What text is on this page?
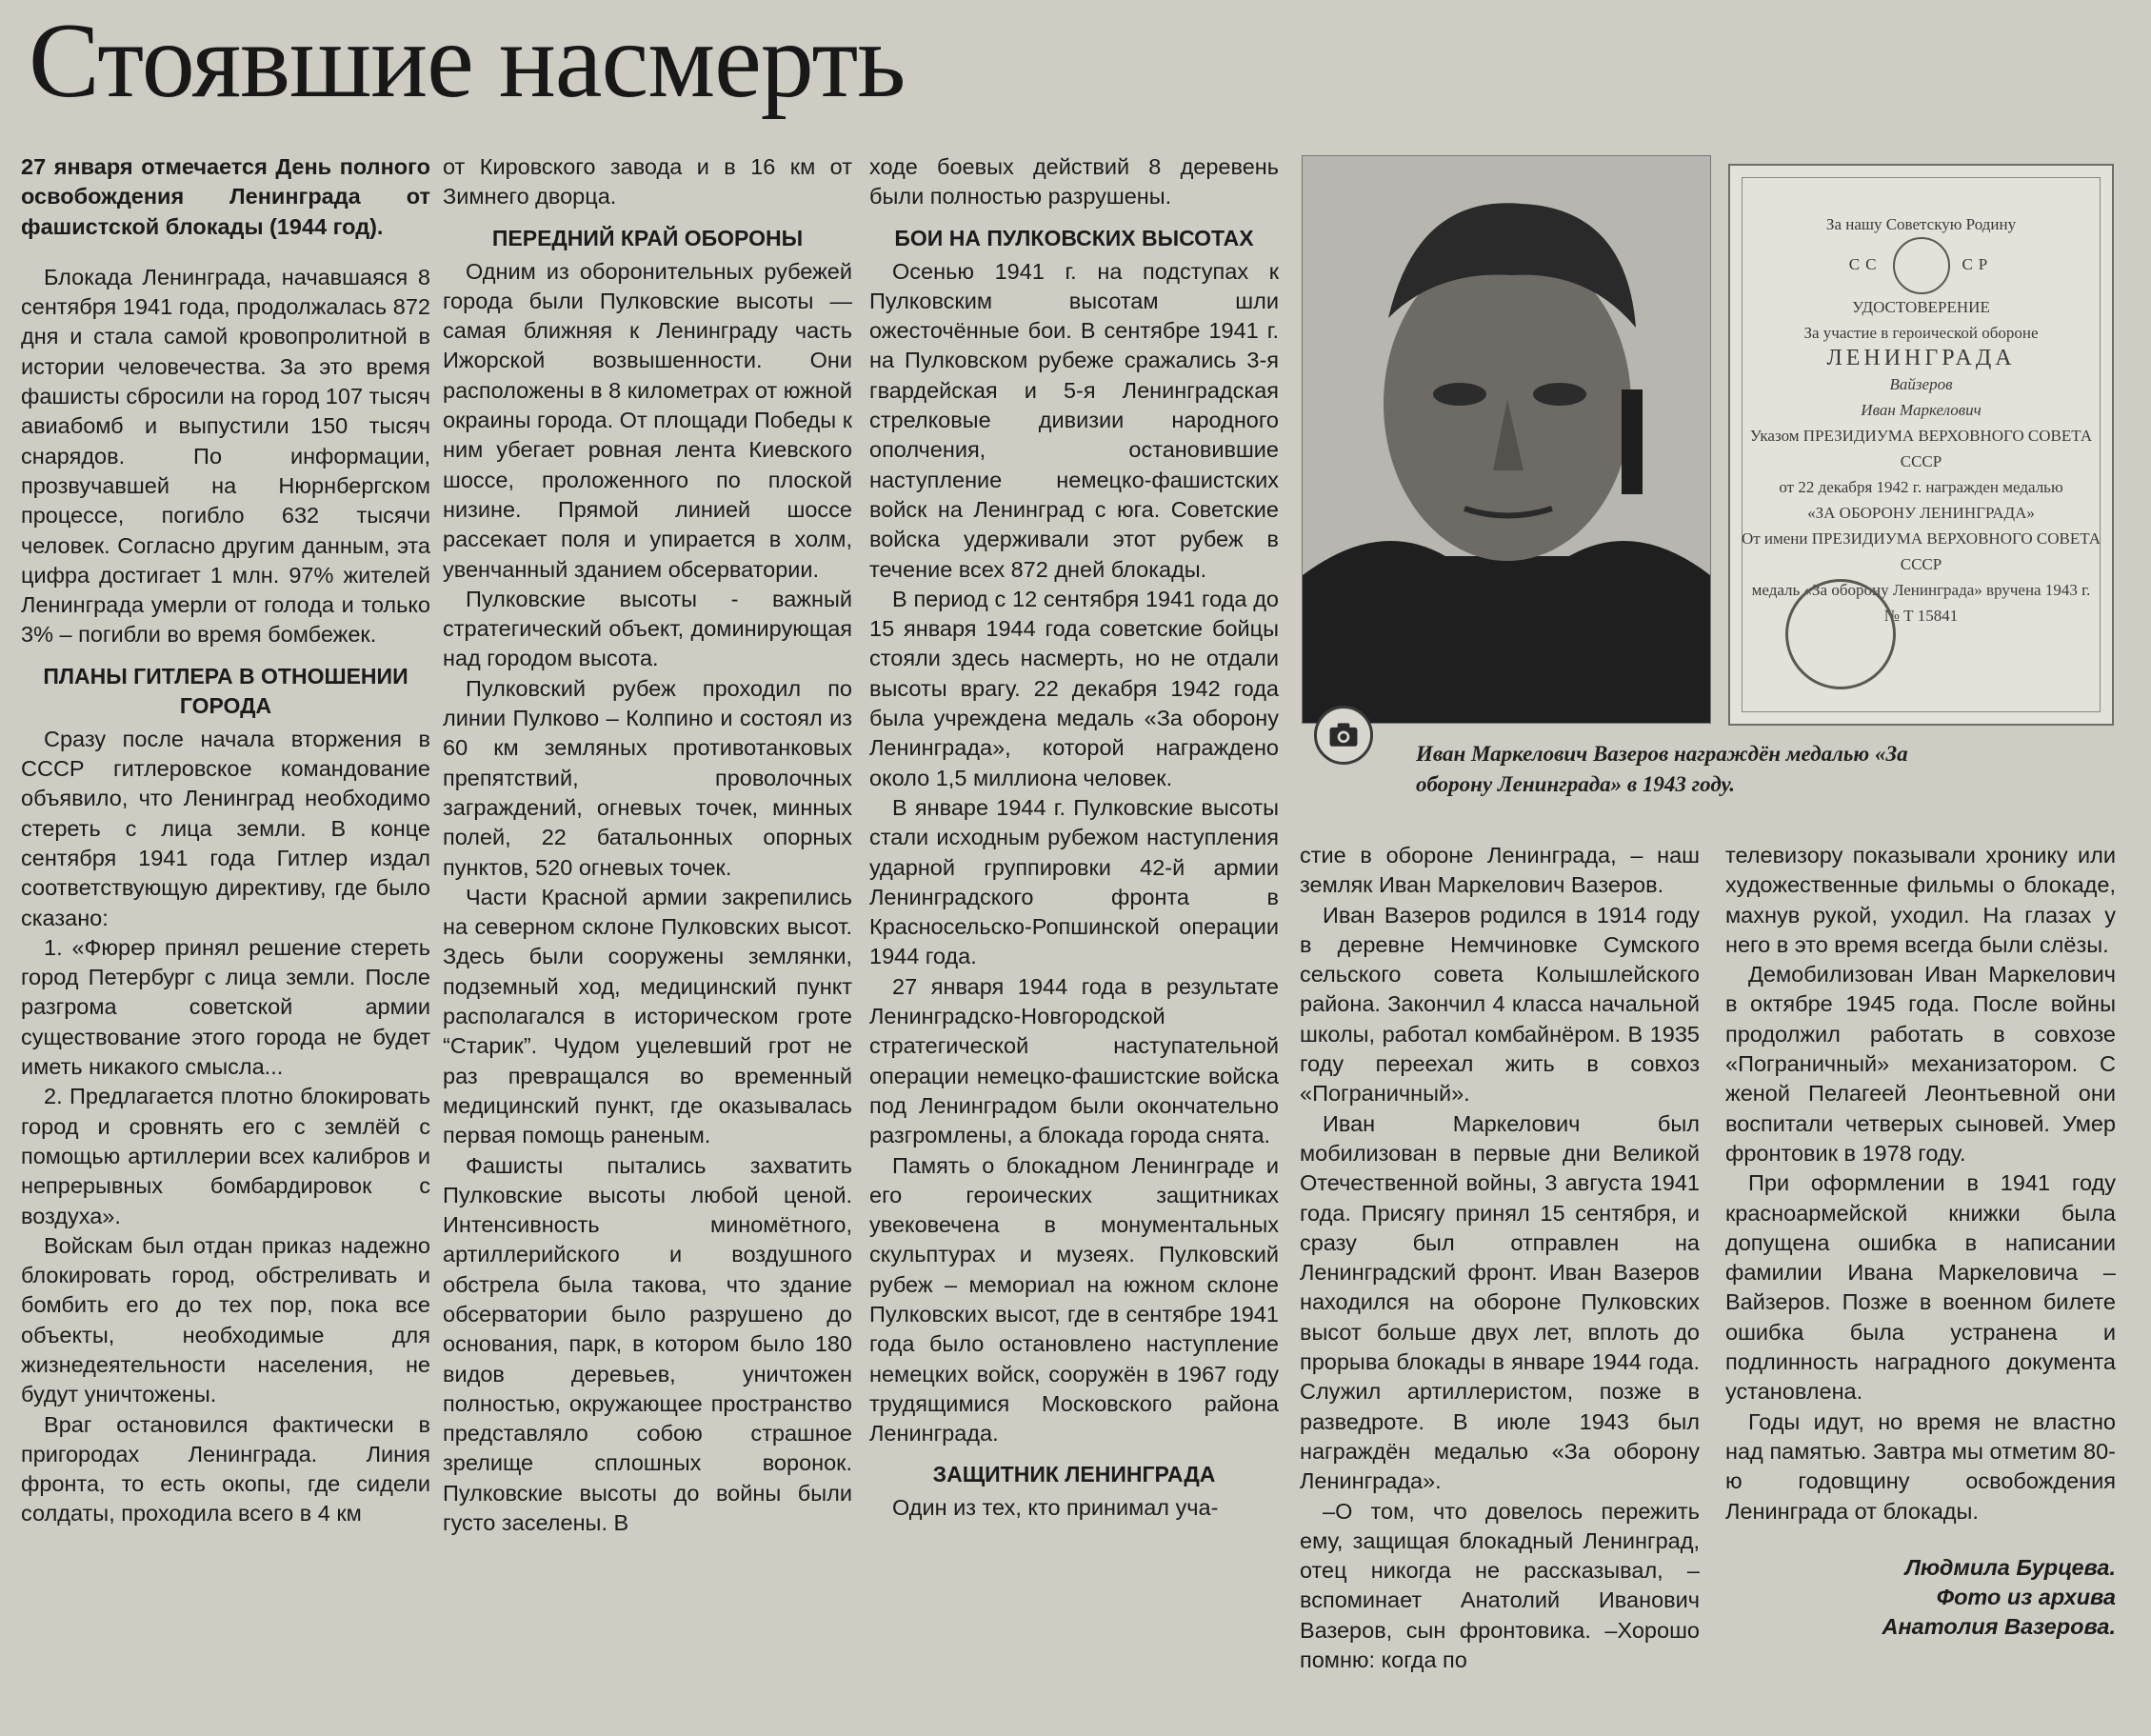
Стоявшие насмерть

27 января отмечается День полного освобождения Ленинграда от фашистской блокады (1944 год).

Блокада Ленинграда, начавшаяся 8 сентября 1941 года, продолжалась 872 дня и стала самой кровопролитной в истории человечества. За это время фашисты сбросили на город 107 тысяч авиабомб и выпустили 150 тысяч снарядов. По информации, прозвучавшей на Нюрнбергском процессе, погибло 632 тысячи человек. Согласно другим данным, эта цифра достигает 1 млн. 97% жителей Ленинграда умерли от голода и только 3% – погибли во время бомбежек.

ПЛАНЫ ГИТЛЕРА В ОТНОШЕНИИ ГОРОДА

Сразу после начала вторжения в СССР гитлеровское командование объявило, что Ленинград необходимо стереть с лица земли. В конце сентября 1941 года Гитлер издал соответствующую директиву, где было сказано:

1. «Фюрер принял решение стереть город Петербург с лица земли. После разгрома советской армии существование этого города не будет иметь никакого смысла...

2. Предлагается плотно блокировать город и сровнять его с землёй с помощью артиллерии всех калибров и непрерывных бомбардировок с воздуха».

Войскам был отдан приказ надежно блокировать город, обстреливать и бомбить его до тех пор, пока все объекты, необходимые для жизнедеятельности населения, не будут уничтожены.

Враг остановился фактически в пригородах Ленинграда. Линия фронта, то есть окопы, где сидели солдаты, проходила всего в 4 км

от Кировского завода и в 16 км от Зимнего дворца.

ПЕРЕДНИЙ КРАЙ ОБОРОНЫ

Одним из оборонительных рубежей города были Пулковские высоты — самая ближняя к Ленинграду часть Ижорской возвышенности. Они расположены в 8 километрах от южной окраины города. От площади Победы к ним убегает ровная лента Киевского шоссе, проложенного по плоской низине. Прямой линией шоссе рассекает поля и упирается в холм, увенчанный зданием обсерватории.

Пулковские высоты - важный стратегический объект, доминирующая над городом высота.

Пулковский рубеж проходил по линии Пулково – Колпино и состоял из 60 км земляных противотанковых препятствий, проволочных заграждений, огневых точек, минных полей, 22 батальонных опорных пунктов, 520 огневых точек.

Части Красной армии закрепились на северном склоне Пулковских высот. Здесь были сооружены землянки, подземный ход, медицинский пункт располагался в историческом гроте “Старик”. Чудом уцелевший грот не раз превращался во временный медицинский пункт, где оказывалась первая помощь раненым.

Фашисты пытались захватить Пулковские высоты любой ценой. Интенсивность миномётного, артиллерийского и воздушного обстрела была такова, что здание обсерватории было разрушено до основания, парк, в котором было 180 видов деревьев, уничтожен полностью, окружающее пространство представляло собою страшное зрелище сплошных воронок. Пулковские высоты до войны были густо заселены. В

ходе боевых действий 8 деревень были полностью разрушены.

БОИ НА ПУЛКОВСКИХ ВЫСОТАХ

Осенью 1941 г. на подступах к Пулковским высотам шли ожесточённые бои. В сентябре 1941 г. на Пулковском рубеже сражались 3-я гвардейская и 5-я Ленинградская стрелковые дивизии народного ополчения, остановившие наступление немецко-фашистских войск на Ленинград с юга. Советские войска удерживали этот рубеж в течение всех 872 дней блокады.

В период с 12 сентября 1941 года до 15 января 1944 года советские бойцы стояли здесь насмерть, но не отдали высоты врагу. 22 декабря 1942 года была учреждена медаль «За оборону Ленинграда», которой награждено около 1,5 миллиона человек.

В январе 1944 г. Пулковские высоты стали исходным рубежом наступления ударной группировки 42-й армии Ленинградского фронта в Красносельско-Ропшинской операции 1944 года.

27 января 1944 года в результате Ленинградско-Новгородской стратегической наступательной операции немецко-фашистские войска под Ленинградом были окончательно разгромлены, а блокада города снята.

Память о блокадном Ленинграде и его героических защитниках увековечена в монументальных скульптурах и музеях. Пулковский рубеж – мемориал на южном склоне Пулковских высот, где в сентябре 1941 года было остановлено наступление немецких войск, сооружён в 1967 году трудящимися Московского района Ленинграда.

ЗАЩИТНИК ЛЕНИНГРАДА

Один из тех, кто принимал уча-

За нашу Советскую Родину
СС	СР
УДОСТОВЕРЕНИЕ
За участие в героической обороне
ЛЕНИНГРАДА
Вайзеров
Иван Маркелович
Указом ПРЕЗИДИУМА ВЕРХОВНОГО СОВЕТА СССР
от 22 декабря 1942 г. награжден медалью
«ЗА ОБОРОНУ ЛЕНИНГРАДА»
От имени ПРЕЗИДИУМА ВЕРХОВНОГО СОВЕТА СССР
медаль «За оборону Ленинграда» вручена 1943 г.
№ Т 15841
Иван Маркелович Вазеров награждён медалью «За оборону Ленинграда» в 1943 году.

стие в обороне Ленинграда, – наш земляк Иван Маркелович Вазеров.

Иван Вазеров родился в 1914 году в деревне Немчиновке Сумского сельского совета Колышлейского района. Закончил 4 класса начальной школы, работал комбайнёром. В 1935 году переехал жить в совхоз «Пограничный».

Иван Маркелович был мобилизован в первые дни Великой Отечественной войны, 3 августа 1941 года. Присягу принял 15 сентября, и сразу был отправлен на Ленинградский фронт. Иван Вазеров находился на обороне Пулковских высот больше двух лет, вплоть до прорыва блокады в январе 1944 года. Служил артиллеристом, позже в разведроте. В июле 1943 был награждён медалью «За оборону Ленинграда».

–О том, что довелось пережить ему, защищая блокадный Ленинград, отец никогда не рассказывал, – вспоминает Анатолий Иванович Вазеров, сын фронтовика. –Хорошо помню: когда по

телевизору показывали хронику или художественные фильмы о блокаде, махнув рукой, уходил. На глазах у него в это время всегда были слёзы.

Демобилизован Иван Маркелович в октябре 1945 года. После войны продолжил работать в совхозе «Пограничный» механизатором. С женой Пелагеей Леонтьевной они воспитали четверых сыновей. Умер фронтовик в 1978 году.

При оформлении в 1941 году красноармейской книжки была допущена ошибка в написании фамилии Ивана Маркеловича – Вайзеров. Позже в военном билете ошибка была устранена и подлинность наградного документа установлена.

Годы идут, но время не властно над памятью. Завтра мы отметим 80-ю годовщину освобождения Ленинграда от блокады.

Людмила Бурцева.
Фото из архива
Анатолия Вазерова.
